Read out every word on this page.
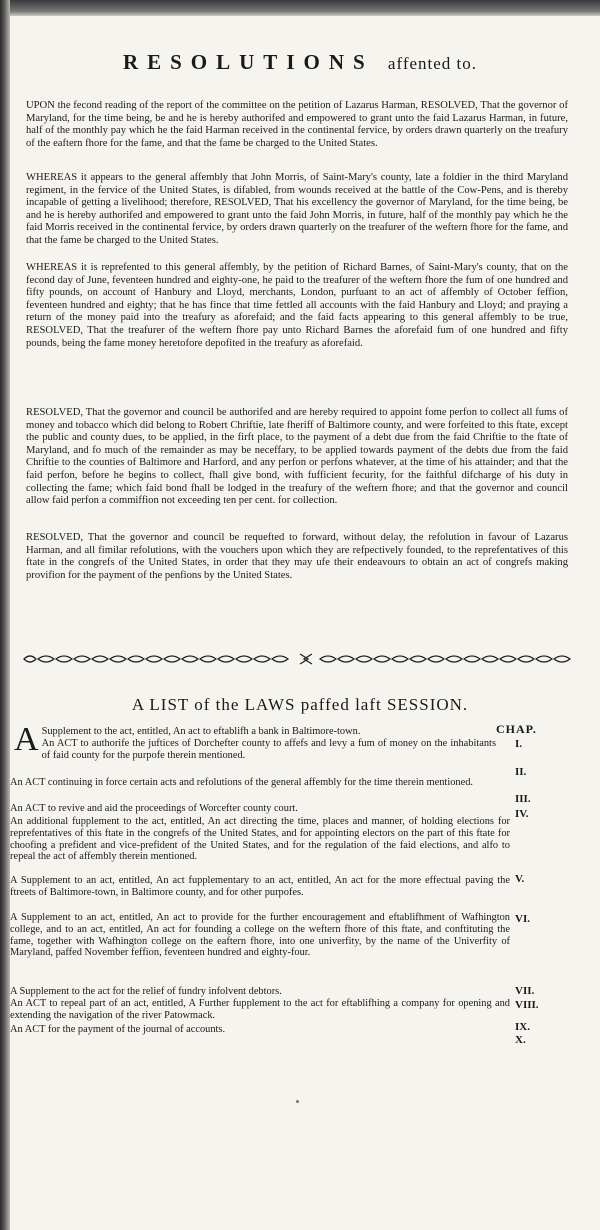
RESOLUTIONS affented to.
UPON the fecond reading of the report of the committee on the petition of Lazarus Harman, RESOLVED, That the governor of Maryland, for the time being, be and he is hereby authorifed and empowered to grant unto the faid Lazarus Harman, in future, half of the monthly pay which he the faid Harman received in the continental fervice, by orders drawn quarterly on the treafury of the eaftern fhore for the fame, and that the fame be charged to the United States.
WHEREAS it appears to the general affembly that John Morris, of Saint-Mary's county, late a foldier in the third Maryland regiment, in the fervice of the United States, is difabled, from wounds received at the battle of the Cow-Pens, and is thereby incapable of getting a livelihood; therefore, RESOLVED, That his excellency the governor of Maryland, for the time being, be and he is hereby authorifed and empowered to grant unto the faid John Morris, in future, half of the monthly pay which he the faid Morris received in the continental fervice, by orders drawn quarterly on the treafurer of the weftern fhore for the fame, and that the fame be charged to the United States.
WHEREAS it is reprefented to this general affembly, by the petition of Richard Barnes, of Saint-Mary's county, that on the fecond day of June, feventeen hundred and eighty-one, he paid to the treafurer of the weftern fhore the fum of one hundred and fifty pounds, on account of Hanbury and Lloyd, merchants, London, purfuant to an act of affembly of October feffion, feventeen hundred and eighty; that he has fince that time fettled all accounts with the faid Hanbury and Lloyd; and praying a return of the money paid into the treafury as aforefaid; and the faid facts appearing to this general affembly to be true, RESOLVED, That the treafurer of the weftern fhore pay unto Richard Barnes the aforefaid fum of one hundred and fifty pounds, being the fame money heretofore depofited in the treafury as aforefaid.
RESOLVED, That the governor and council be authorifed and are hereby required to appoint fome perfon to collect all fums of money and tobacco which did belong to Robert Chriftie, late fheriff of Baltimore county, and were forfeited to this ftate, except the public and county dues, to be applied, in the firft place, to the payment of a debt due from the faid Chriftie to the ftate of Maryland, and fo much of the remainder as may be neceffary, to be applied towards payment of the debts due from the faid Chriftie to the counties of Baltimore and Harford, and any perfon or perfons whatever, at the time of his attainder; and that the faid perfon, before he begins to collect, fhall give bond, with fufficient fecurity, for the faithful difcharge of his duty in collecting the fame; which faid bond fhall be lodged in the treafury of the weftern fhore; and that the governor and council allow faid perfon a commiffion not exceeding ten per cent. for collection.
RESOLVED, That the governor and council be requefted to forward, without delay, the refolution in favour of Lazarus Harman, and all fimilar refolutions, with the vouchers upon which they are refpectively founded, to the reprefentatives of this ftate in the congrefs of the United States, in order that they may ufe their endeavours to obtain an act of congrefs making provifion for the payment of the penfions by the United States.
A LIST of the LAWS paffed laft SESSION.
CHAP.
A Supplement to the act, entitled, An act to eftablifh a bank in Baltimore-town.
An ACT to authorife the juftices of Dorchefter county to affefs and levy a fum of money on the inhabitants of faid county for the purpofe therein mentioned.
I.
II.
An ACT continuing in force certain acts and refolutions of the general affembly for the time therein mentioned.
III.
An ACT to revive and aid the proceedings of Worcefter county court.	IV.
An additional fupplement to the act, entitled, An act directing the time, places and manner, of holding elections for reprefentatives of this ftate in the congrefs of the United States, and for appointing electors on the part of this ftate for choofing a prefident and vice-prefident of the United States, and for the regulation of the faid elections, and alfo to repeal the act of affembly therein mentioned.
V.
A Supplement to an act, entitled, An act fupplementary to an act, entitled, An act for the more effectual paving the ftreets of Baltimore-town, in Baltimore county, and for other purpofes.
VI.
A Supplement to an act, entitled, An act to provide for the further encouragement and eftablifhment of Wafhington college, and to an act, entitled, An act for founding a college on the weftern fhore of this ftate, and conftituting the fame, together with Wafhington college on the eaftern fhore, into one univerfity, by the name of the Univerfity of Maryland, paffed November feffion, feventeen hundred and eighty-four.
VII.
A Supplement to the act for the relief of fundry infolvent debtors.
VIII.
An ACT to repeal part of an act, entitled, A Further fupplement to the act for eftablifhing a company for opening and extending the navigation of the river Patowmack.
IX.
An ACT for the payment of the journal of accounts.
X.
